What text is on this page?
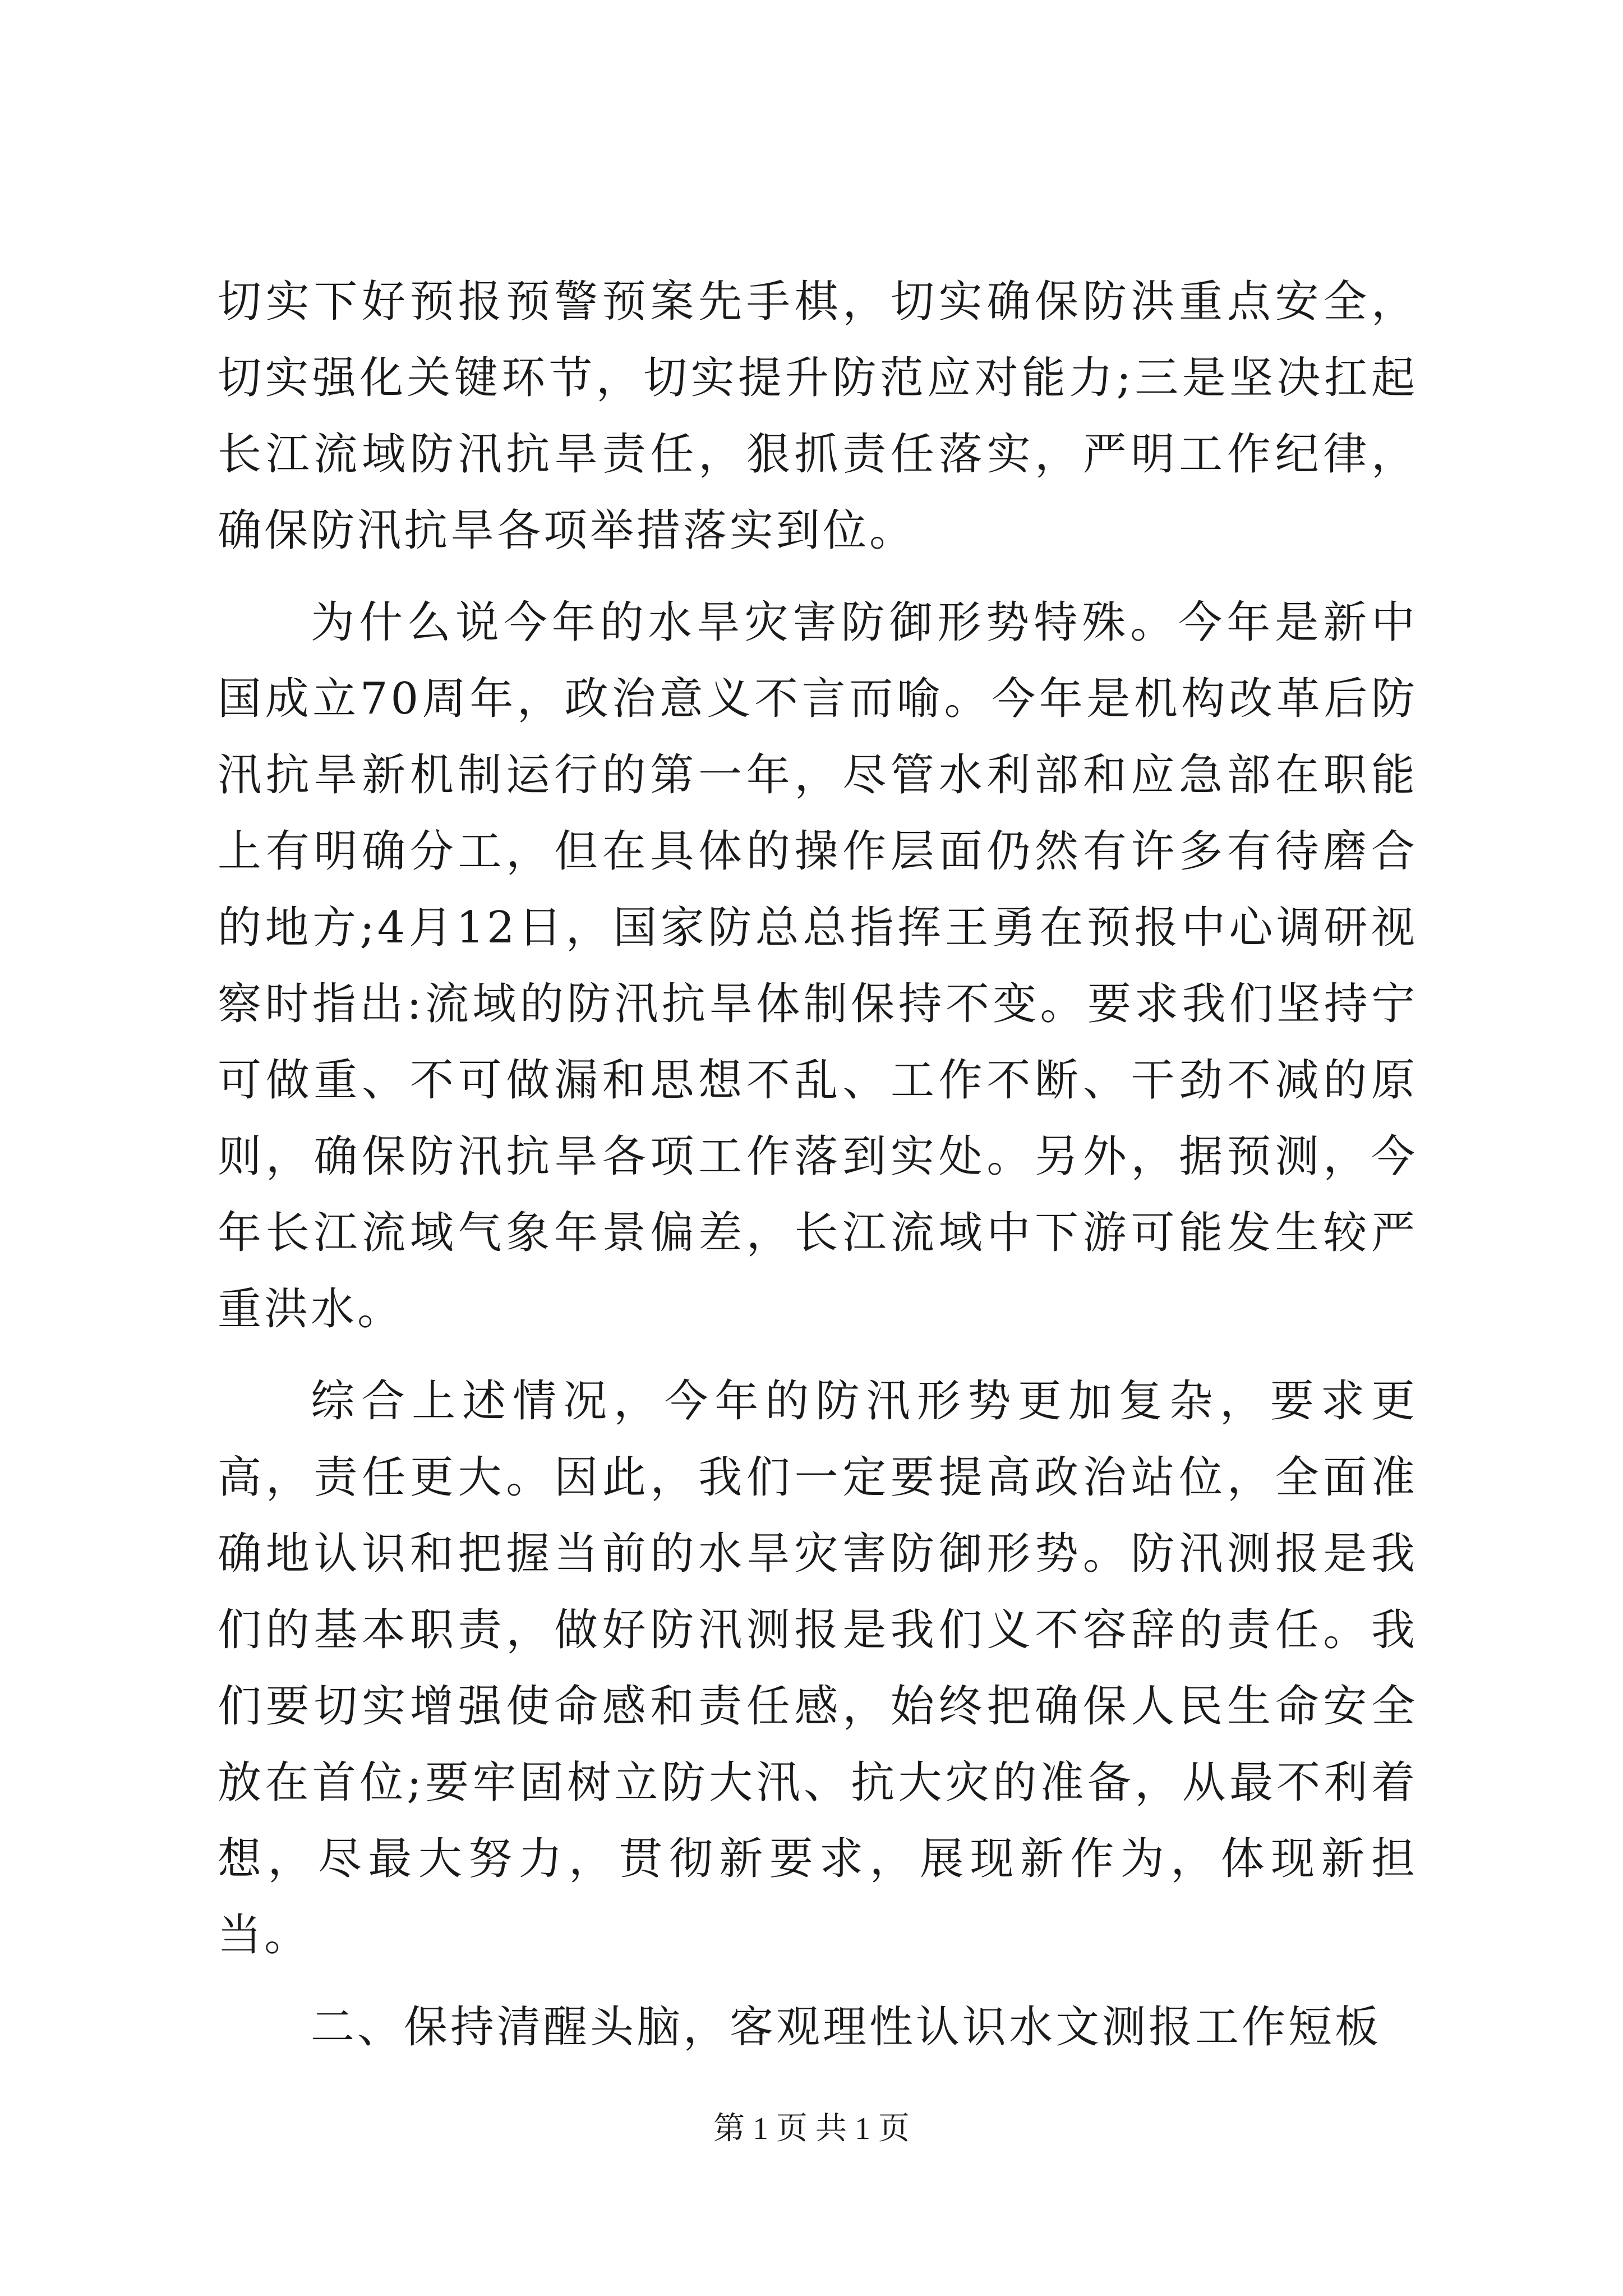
切实下好预报预警预案先手棋，切实确保防洪重点安全，切实强化关键环节，切实提升防范应对能力;三是坚决扛起长江流域防汛抗旱责任，狠抓责任落实，严明工作纪律，确保防汛抗旱各项举措落实到位。

为什么说今年的水旱灾害防御形势特殊。今年是新中国成立70周年，政治意义不言而喻。今年是机构改革后防汛抗旱新机制运行的第一年，尽管水利部和应急部在职能上有明确分工，但在具体的操作层面仍然有许多有待磨合的地方;4月12日，国家防总总指挥王勇在预报中心调研视察时指出:流域的防汛抗旱体制保持不变。要求我们坚持宁可做重、不可做漏和思想不乱、工作不断、干劲不减的原则，确保防汛抗旱各项工作落到实处。另外，据预测，今年长江流域气象年景偏差，长江流域中下游可能发生较严重洪水。

综合上述情况，今年的防汛形势更加复杂，要求更高，责任更大。因此，我们一定要提高政治站位，全面准确地认识和把握当前的水旱灾害防御形势。防汛测报是我们的基本职责，做好防汛测报是我们义不容辞的责任。我们要切实增强使命感和责任感，始终把确保人民生命安全放在首位;要牢固树立防大汛、抗大灾的准备，从最不利着想，尽最大努力，贯彻新要求，展现新作为，体现新担当。

二、保持清醒头脑，客观理性认识水文测报工作短板

第 1 页 共 1 页
